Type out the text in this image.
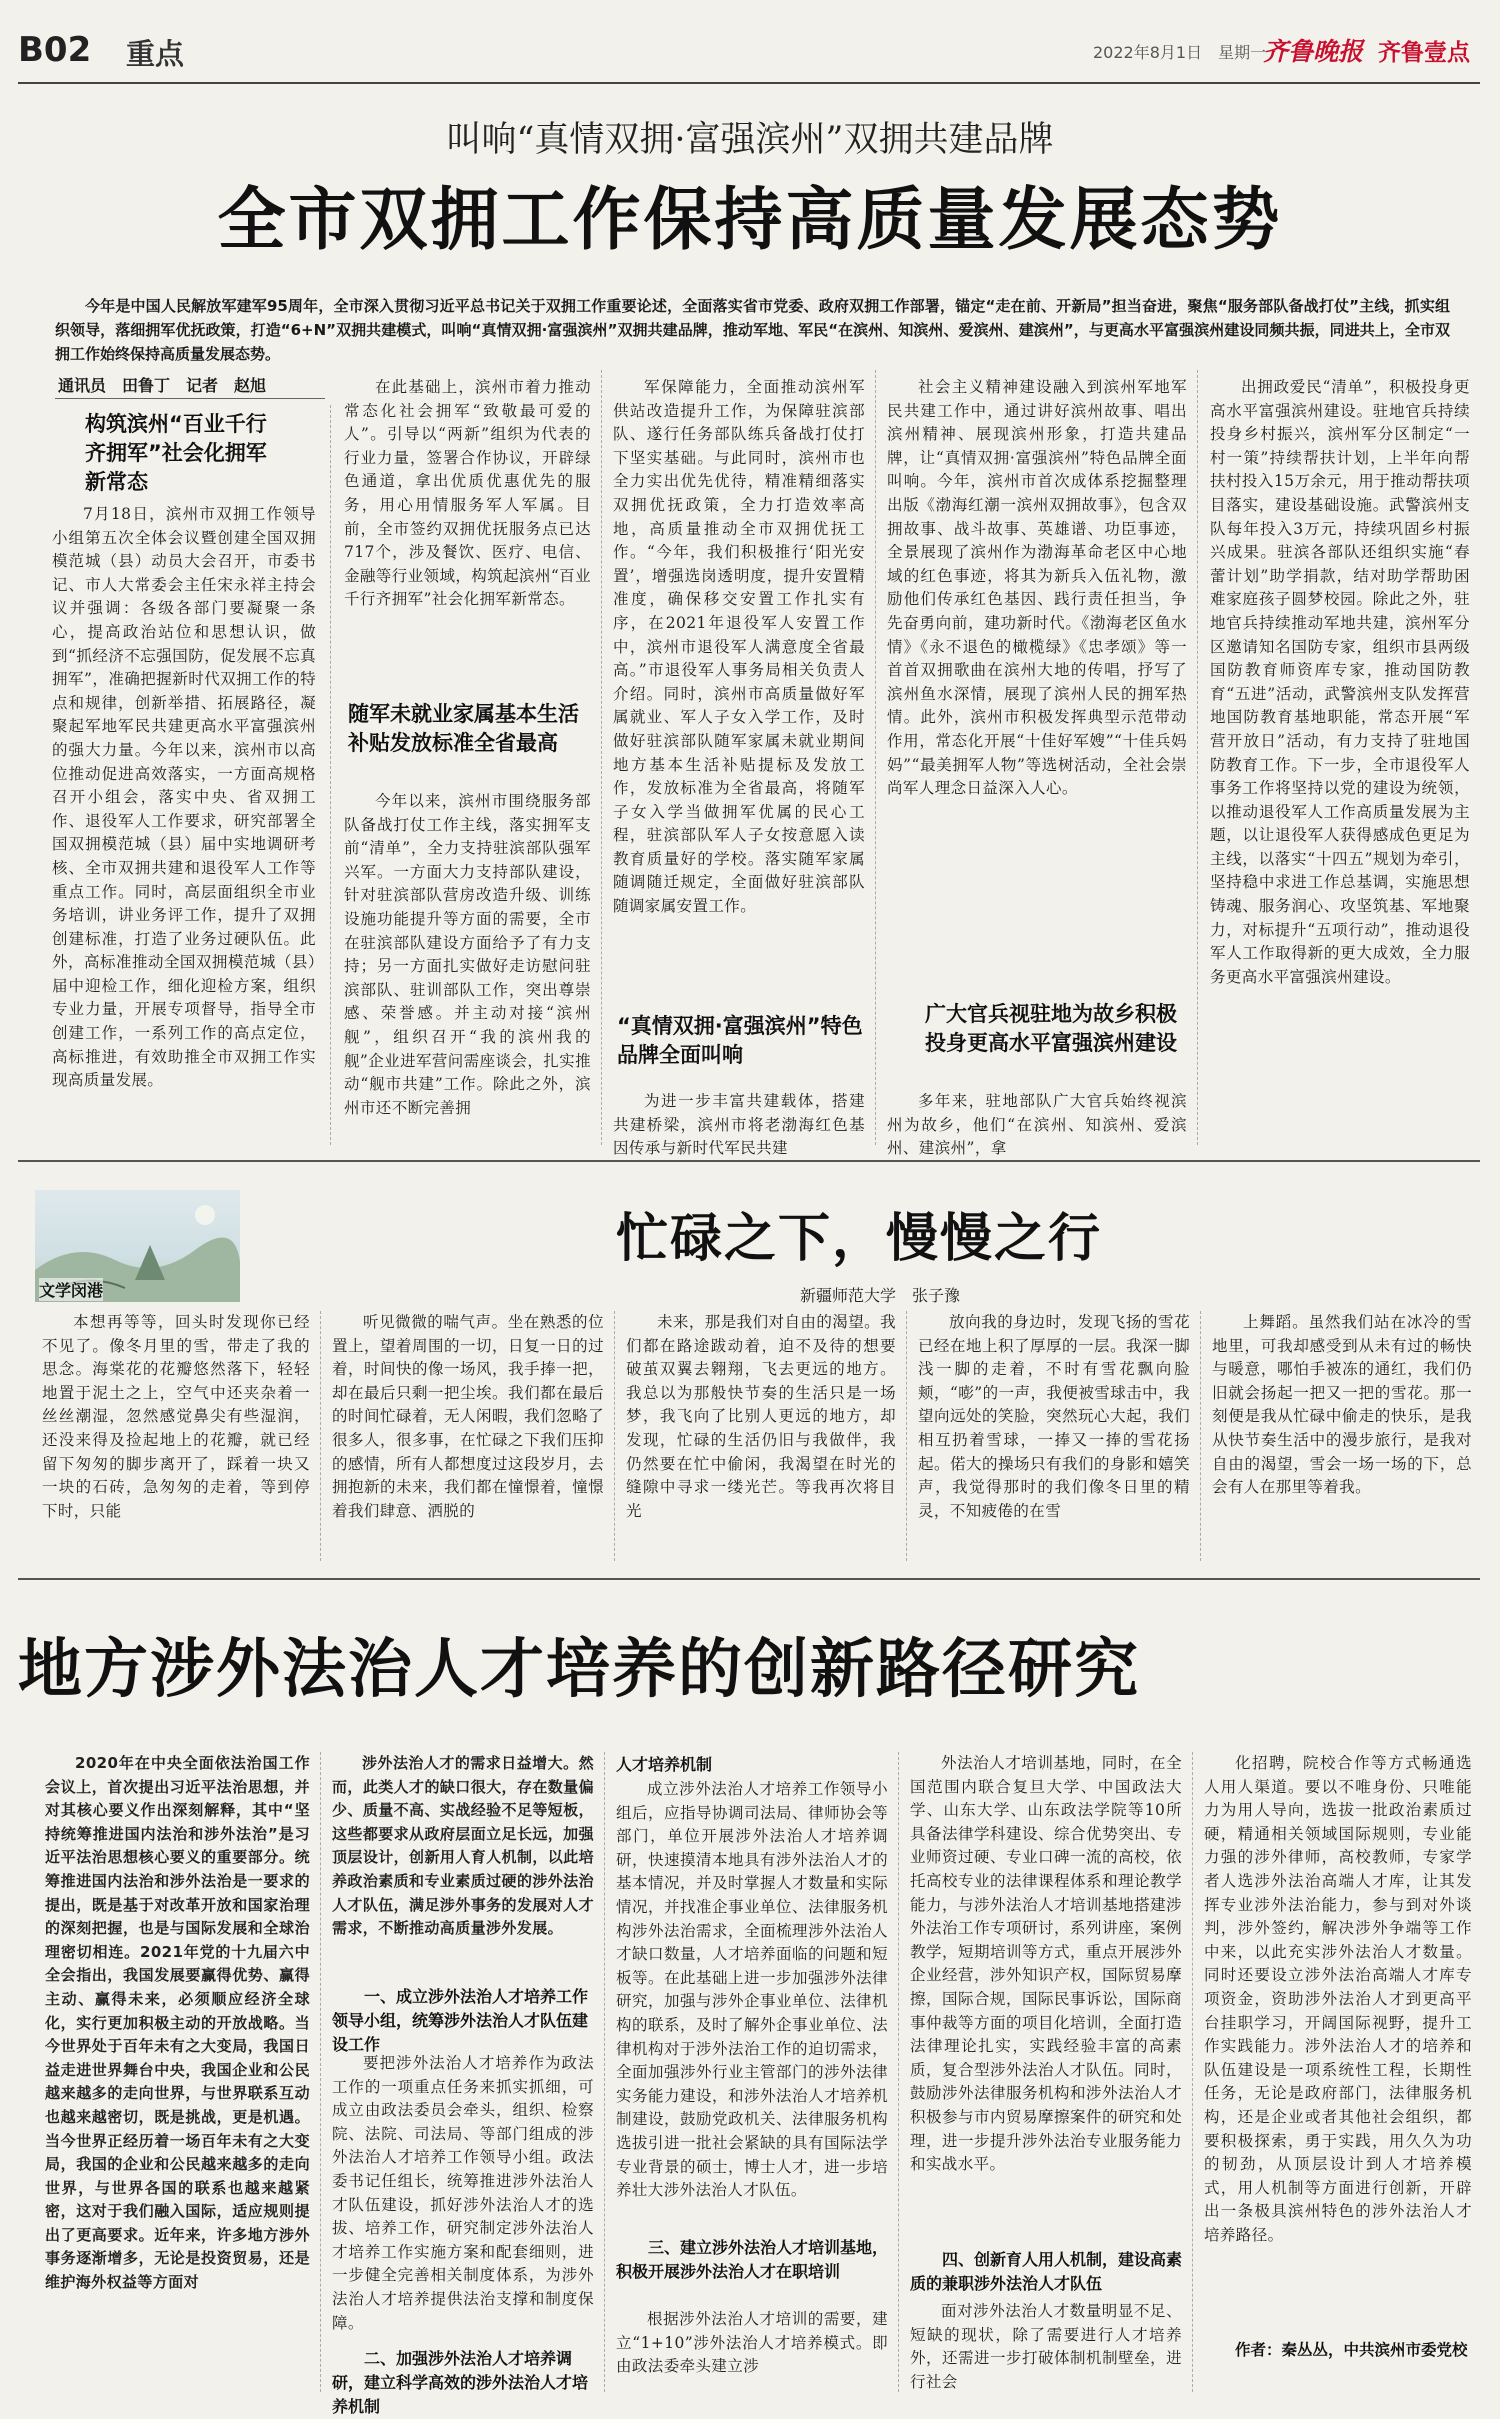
B02 重点	2022年8月1日　星期一
齐鲁晚报 齐鲁壹点
叫响“真情双拥·富强滨州”双拥共建品牌
全市双拥工作保持高质量发展态势
今年是中国人民解放军建军95周年，全市深入贯彻习近平总书记关于双拥工作重要论述，全面落实省市党委、政府双拥工作部署，锚定“走在前、开新局”担当奋进，聚焦“服务部队备战打仗”主线，抓实组织领导，落细拥军优抚政策，打造“6+N”双拥共建模式，叫响“真情双拥·富强滨州”双拥共建品牌，推动军地、军民“在滨州、知滨州、爱滨州、建滨州”，与更高水平富强滨州建设同频共振，同进共上，全市双拥工作始终保持高质量发展态势。
通讯员　田鲁丁　记者　赵旭
构筑滨州“百业千行齐拥军”社会化拥军新常态

7月18日，滨州市双拥工作领导小组第五次全体会议暨创建全国双拥模范城（县）动员大会召开，市委书记、市人大常委会主任宋永祥主持会议并强调：各级各部门要凝聚一条心，提高政治站位和思想认识，做到“抓经济不忘强国防，促发展不忘真拥军”，准确把握新时代双拥工作的特点和规律，创新举措、拓展路径，凝聚起军地军民共建更高水平富强滨州的强大力量。今年以来，滨州市以高位推动促进高效落实，一方面高规格召开小组会，落实中央、省双拥工作、退役军人工作要求，研究部署全国双拥模范城（县）届中实地调研考核、全市双拥共建和退役军人工作等重点工作。同时，高层面组织全市业务培训，讲业务评工作，提升了双拥创建标准，打造了业务过硬队伍。此外，高标准推动全国双拥模范城（县）届中迎检工作，细化迎检方案，组织专业力量，开展专项督导，指导全市创建工作，一系列工作的高点定位，高标推进，有效助推全市双拥工作实现高质量发展。

在此基础上，滨州市着力推动常态化社会拥军“致敬最可爱的人”。引导以“两新”组织为代表的行业力量，签署合作协议，开辟绿色通道，拿出优质优惠优先的服务，用心用情服务军人军属。目前，全市签约双拥优抚服务点已达717个，涉及餐饮、医疗、电信、金融等行业领域，构筑起滨州“百业千行齐拥军”社会化拥军新常态。

随军未就业家属基本生活补贴发放标准全省最高

今年以来，滨州市围绕服务部队备战打仗工作主线，落实拥军支前“清单”，全力支持驻滨部队强军兴军。一方面大力支持部队建设，针对驻滨部队营房改造升级、训练设施功能提升等方面的需要，全市在驻滨部队建设方面给予了有力支持；另一方面扎实做好走访慰问驻滨部队、驻训部队工作，突出尊崇感、荣誉感。并主动对接“滨州舰”，组织召开“我的滨州我的舰”企业进军营问需座谈会，扎实推动“舰市共建”工作。除此之外，滨州市还不断完善拥

军保障能力，全面推动滨州军供站改造提升工作，为保障驻滨部队、遂行任务部队练兵备战打仗打下坚实基础。与此同时，滨州市也全力实出优先优待，精准精细落实双拥优抚政策，全力打造效率高地，高质量推动全市双拥优抚工作。“今年，我们积极推行‘阳光安置’，增强选岗透明度，提升安置精准度，确保移交安置工作扎实有序，在2021年退役军人安置工作中，滨州市退役军人满意度全省最高。”市退役军人事务局相关负责人介绍。同时，滨州市高质量做好军属就业、军人子女入学工作，及时做好驻滨部队随军家属未就业期间地方基本生活补贴提标及发放工作，发放标准为全省最高，将随军子女入学当做拥军优属的民心工程，驻滨部队军人子女按意愿入读教育质量好的学校。落实随军家属随调随迁规定，全面做好驻滨部队随调家属安置工作。

“真情双拥·富强滨州”特色品牌全面叫响

为进一步丰富共建载体，搭建共建桥梁，滨州市将老渤海红色基因传承与新时代军民共建

社会主义精神建设融入到滨州军地军民共建工作中，通过讲好滨州故事、唱出滨州精神、展现滨州形象，打造共建品牌，让“真情双拥·富强滨州”特色品牌全面叫响。今年，滨州市首次成体系挖掘整理出版《渤海红潮一滨州双拥故事》，包含双拥故事、战斗故事、英雄谱、功臣事迹，全景展现了滨州作为渤海革命老区中心地域的红色事迹，将其为新兵入伍礼物，激励他们传承红色基因、践行责任担当，争先奋勇向前，建功新时代。《渤海老区鱼水情》《永不退色的橄榄绿》《忠孝颂》等一首首双拥歌曲在滨州大地的传唱，抒写了滨州鱼水深情，展现了滨州人民的拥军热情。此外，滨州市积极发挥典型示范带动作用，常态化开展“十佳好军嫂”“十佳兵妈妈”“最美拥军人物”等选树活动，全社会崇尚军人理念日益深入人心。

广大官兵视驻地为故乡积极投身更高水平富强滨州建设

多年来，驻地部队广大官兵始终视滨州为故乡，他们“在滨州、知滨州、爱滨州、建滨州”，拿

出拥政爱民“清单”，积极投身更高水平富强滨州建设。驻地官兵持续投身乡村振兴，滨州军分区制定“一村一策”持续帮扶计划，上半年向帮扶村投入15万余元，用于推动帮扶项目落实，建设基础设施。武警滨州支队每年投入3万元，持续巩固乡村振兴成果。驻滨各部队还组织实施“春蕾计划”助学捐款，结对助学帮助困难家庭孩子圆梦校园。除此之外，驻地官兵持续推动军地共建，滨州军分区邀请知名国防专家，组织市县两级国防教育师资库专家，推动国防教育“五进”活动，武警滨州支队发挥营地国防教育基地职能，常态开展“军营开放日”活动，有力支持了驻地国防教育工作。下一步，全市退役军人事务工作将坚持以党的建设为统领，以推动退役军人工作高质量发展为主题，以让退役军人获得感成色更足为主线，以落实“十四五”规划为牵引，坚持稳中求进工作总基调，实施思想铸魂、服务润心、攻坚筑基、军地聚力，对标提升“五项行动”，推动退役军人工作取得新的更大成效，全力服务更高水平富强滨州建设。

文学闵港
忙碌之下，慢慢之行
新疆师范大学　张子豫

本想再等等，回头时发现你已经不见了。像冬月里的雪，带走了我的思念。海棠花的花瓣悠然落下，轻轻地置于泥土之上，空气中还夹杂着一丝丝潮湿，忽然感觉鼻尖有些湿润，还没来得及捡起地上的花瓣，就已经留下匆匆的脚步离开了，踩着一块又一块的石砖，急匆匆的走着，等到停下时，只能

听见微微的喘气声。坐在熟悉的位置上，望着周围的一切，日复一日的过着，时间快的像一场风，我手捧一把，却在最后只剩一把尘埃。我们都在最后的时间忙碌着，无人闲暇，我们忽略了很多人，很多事，在忙碌之下我们压抑的感情，所有人都想度过这段岁月，去拥抱新的未来，我们都在憧憬着，憧憬着我们肆意、洒脱的

未来，那是我们对自由的渴望。我们都在路途跋动着，迫不及待的想要破茧双翼去翱翔，飞去更远的地方。我总以为那般快节奏的生活只是一场梦，我飞向了比别人更远的地方，却发现，忙碌的生活仍旧与我做伴，我仍然要在忙中偷闲，我渴望在时光的缝隙中寻求一缕光芒。等我再次将目光

放向我的身边时，发现飞扬的雪花已经在地上积了厚厚的一层。我深一脚浅一脚的走着，不时有雪花飘向脸颊，“嘭”的一声，我便被雪球击中，我望向远处的笑脸，突然玩心大起，我们相互扔着雪球，一捧又一捧的雪花扬起。偌大的操场只有我们的身影和嬉笑声，我觉得那时的我们像冬日里的精灵，不知疲倦的在雪

上舞蹈。虽然我们站在冰冷的雪地里，可我却感受到从未有过的畅快与暖意，哪怕手被冻的通红，我们仍旧就会扬起一把又一把的雪花。那一刻便是我从忙碌中偷走的快乐，是我从快节奏生活中的漫步旅行，是我对自由的渴望，雪会一场一场的下，总会有人在那里等着我。

地方涉外法治人才培养的创新路径研究

2020年在中央全面依法治国工作会议上，首次提出习近平法治思想，并对其核心要义作出深刻解释，其中“坚持统筹推进国内法治和涉外法治”是习近平法治思想核心要义的重要部分。统筹推进国内法治和涉外法治是一要求的提出，既是基于对改革开放和国家治理的深刻把握，也是与国际发展和全球治理密切相连。2021年党的十九届六中全会指出，我国发展要赢得优势、赢得主动、赢得未来，必须顺应经济全球化，实行更加积极主动的开放战略。当今世界处于百年未有之大变局，我国日益走进世界舞台中央，我国企业和公民越来越多的走向世界，与世界联系互动也越来越密切，既是挑战，更是机遇。当今世界正经历着一场百年未有之大变局，我国的企业和公民越来越多的走向世界，与世界各国的联系也越来越紧密，这对于我们融入国际，适应规则提出了更高要求。近年来，许多地方涉外事务逐渐增多，无论是投资贸易，还是维护海外权益等方面对

涉外法治人才的需求日益增大。然而，此类人才的缺口很大，存在数量偏少、质量不高、实战经验不足等短板，这些都要求从政府层面立足长远，加强顶层设计，创新用人育人机制，以此培养政治素质和专业素质过硬的涉外法治人才队伍，满足涉外事务的发展对人才需求，不断推动高质量涉外发展。

一、成立涉外法治人才培养工作领导小组，统筹涉外法治人才队伍建设工作

要把涉外法治人才培养作为政法工作的一项重点任务来抓实抓细，可成立由政法委员会牵头，组织、检察院、法院、司法局、等部门组成的涉外法治人才培养工作领导小组。政法委书记任组长，统筹推进涉外法治人才队伍建设，抓好涉外法治人才的选拔、培养工作，研究制定涉外法治人才培养工作实施方案和配套细则，进一步健全完善相关制度体系，为涉外法治人才培养提供法治支撑和制度保障。

二、加强涉外法治人才培养调研，建立科学高效的涉外法治人才培养机制
人才培养机制

成立涉外法治人才培养工作领导小组后，应指导协调司法局、律师协会等部门，单位开展涉外法治人才培养调研，快速摸清本地具有涉外法治人才的基本情况，并及时掌握人才数量和实际情况，并找准企事业单位、法律服务机构涉外法治需求，全面梳理涉外法治人才缺口数量，人才培养面临的问题和短板等。在此基础上进一步加强涉外法律研究，加强与涉外企事业单位、法律机构的联系，及时了解外企事业单位、法律机构对于涉外法治工作的迫切需求，全面加强涉外行业主管部门的涉外法律实务能力建设，和涉外法治人才培养机制建设，鼓励党政机关、法律服务机构选拔引进一批社会紧缺的具有国际法学专业背景的硕士，博士人才，进一步培养壮大涉外法治人才队伍。

三、建立涉外法治人才培训基地，积极开展涉外法治人才在职培训

根据涉外法治人才培训的需要，建立“1+10”涉外法治人才培养模式。即由政法委牵头建立涉

外法治人才培训基地，同时，在全国范围内联合复旦大学、中国政法大学、山东大学、山东政法学院等10所具备法律学科建设、综合优势突出、专业师资过硬、专业口碑一流的高校，依托高校专业的法律课程体系和理论教学能力，与涉外法治人才培训基地搭建涉外法治工作专项研讨，系列讲座，案例教学，短期培训等方式，重点开展涉外企业经营，涉外知识产权，国际贸易摩擦，国际合规，国际民事诉讼，国际商事仲裁等方面的项目化培训，全面打造法律理论扎实，实践经验丰富的高素质，复合型涉外法治人才队伍。同时，鼓励涉外法律服务机构和涉外法治人才积极参与市内贸易摩擦案件的研究和处理，进一步提升涉外法治专业服务能力和实战水平。

四、创新育人用人机制，建设高素质的兼职涉外法治人才队伍

面对涉外法治人才数量明显不足、短缺的现状，除了需要进行人才培养外，还需进一步打破体制机制壁垒，进行社会

化招聘，院校合作等方式畅通选人用人渠道。要以不唯身份、只唯能力为用人导向，选拔一批政治素质过硬，精通相关领域国际规则，专业能力强的涉外律师，高校教师，专家学者人选涉外法治高端人才库，让其发挥专业涉外法治能力，参与到对外谈判，涉外签约，解决涉外争端等工作中来，以此充实涉外法治人才数量。同时还要设立涉外法治高端人才库专项资金，资助涉外法治人才到更高平台挂职学习，开阔国际视野，提升工作实践能力。涉外法治人才的培养和队伍建设是一项系统性工程，长期性任务，无论是政府部门，法律服务机构，还是企业或者其他社会组织，都要积极探索，勇于实践，用久久为功的韧劲，从顶层设计到人才培养模式，用人机制等方面进行创新，开辟出一条极具滨州特色的涉外法治人才培养路径。

作者：秦丛丛，中共滨州市委党校
